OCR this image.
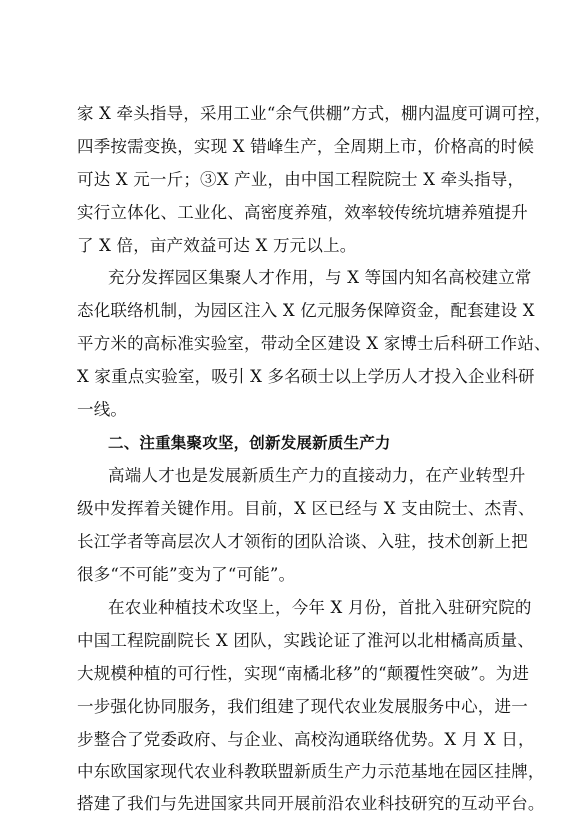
家 X 牵头指导，采用工业“余气供棚”方式，棚内温度可调可控，
四季按需变换，实现 X 错峰生产，全周期上市，价格高的时候
可达 X 元一斤；③X 产业，由中国工程院院士 X 牵头指导，
实行立体化、工业化、高密度养殖，效率较传统坑塘养殖提升
了 X 倍，亩产效益可达 X 万元以上。
充分发挥园区集聚人才作用，与 X 等国内知名高校建立常
态化联络机制，为园区注入 X 亿元服务保障资金，配套建设 X
平方米的高标准实验室，带动全区建设 X 家博士后科研工作站、
X 家重点实验室，吸引 X 多名硕士以上学历人才投入企业科研
一线。
二、注重集聚攻坚，创新发展新质生产力
高端人才也是发展新质生产力的直接动力，在产业转型升
级中发挥着关键作用。目前，X 区已经与 X 支由院士、杰青、
长江学者等高层次人才领衔的团队洽谈、入驻，技术创新上把
很多“不可能”变为了“可能”。
在农业种植技术攻坚上，今年 X 月份，首批入驻研究院的
中国工程院副院长 X 团队，实践论证了淮河以北柑橘高质量、
大规模种植的可行性，实现“南橘北移”的“颠覆性突破”。为进
一步强化协同服务，我们组建了现代农业发展服务中心，进一
步整合了党委政府、与企业、高校沟通联络优势。X 月 X 日，
中东欧国家现代农业科教联盟新质生产力示范基地在园区挂牌，
搭建了我们与先进国家共同开展前沿农业科技研究的互动平台。
